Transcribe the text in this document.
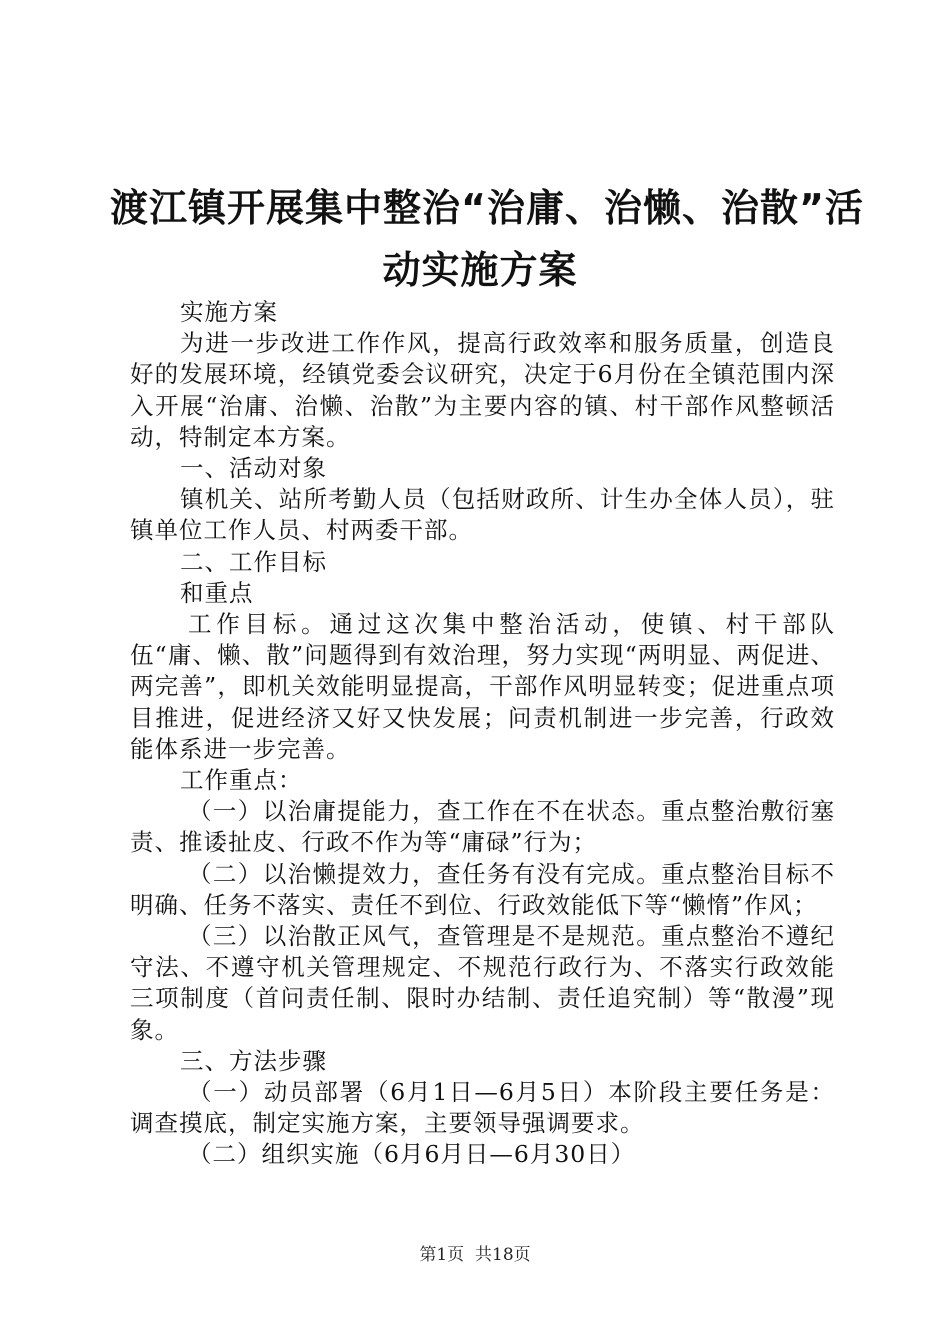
渡江镇开展集中整治“治庸、治懒、治散”活
动实施方案

实施方案

为进一步改进工作作风，提高行政效率和服务质量，创造良好的发展环境，经镇党委会议研究，决定于6月份在全镇范围内深入开展“治庸、治懒、治散”为主要内容的镇、村干部作风整顿活动，特制定本方案。

一、活动对象

镇机关、站所考勤人员（包括财政所、计生办全体人员），驻镇单位工作人员、村两委干部。

二、工作目标

和重点

工作目标。通过这次集中整治活动，使镇、村干部队伍“庸、懒、散”问题得到有效治理，努力实现“两明显、两促进、两完善”，即机关效能明显提高，干部作风明显转变；促进重点项目推进，促进经济又好又快发展；问责机制进一步完善，行政效能体系进一步完善。

工作重点：

（一）以治庸提能力，查工作在不在状态。重点整治敷衍塞责、推诿扯皮、行政不作为等“庸碌”行为；

（二）以治懒提效力，查任务有没有完成。重点整治目标不明确、任务不落实、责任不到位、行政效能低下等“懒惰”作风；

（三）以治散正风气，查管理是不是规范。重点整治不遵纪守法、不遵守机关管理规定、不规范行政行为、不落实行政效能三项制度（首问责任制、限时办结制、责任追究制）等“散漫”现象。

三、方法步骤

（一）动员部署（6月1日—6月5日）本阶段主要任务是：调查摸底，制定实施方案，主要领导强调要求。

（二）组织实施（6月6月日—6月30日）

第1页 共18页
